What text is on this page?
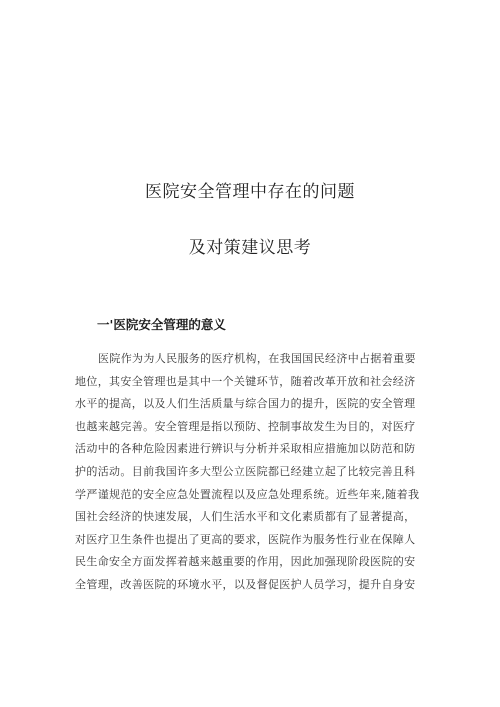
医院安全管理中存在的问题
及对策建议思考
一'医院安全管理的意义
医院作为为人民服务的医疗机构，在我国国民经济中占据着重要
地位，其安全管理也是其中一个关键环节，随着改革开放和社会经济
水平的提高，以及人们生活质量与综合国力的提升，医院的安全管理
也越来越完善。安全管理是指以预防、控制事故发生为目的，对医疗
活动中的各种危险因素进行辨识与分析并采取相应措施加以防范和防
护的活动。目前我国许多大型公立医院都已经建立起了比较完善且科
学严谨规范的安全应急处置流程以及应急处理系统。近些年来,随着我
国社会经济的快速发展，人们生活水平和文化素质都有了显著提高，
对医疗卫生条件也提出了更高的要求，医院作为服务性行业在保障人
民生命安全方面发挥着越来越重要的作用，因此加强现阶段医院的安
全管理，改善医院的环境水平，以及督促医护人员学习，提升自身安
